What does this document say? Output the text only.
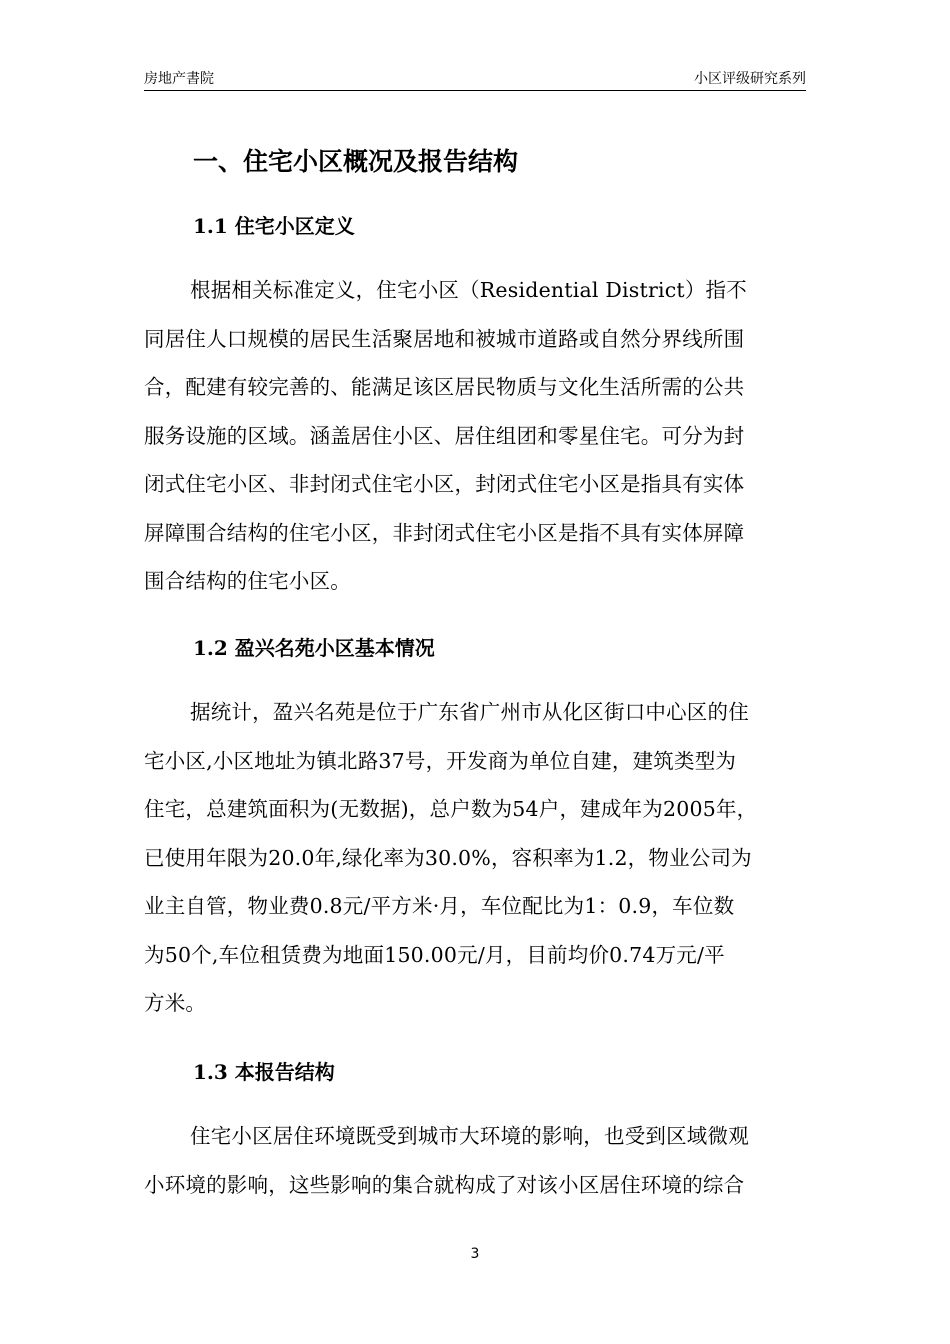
房地产書院	小区评级研究系列
一、住宅小区概况及报告结构
1.1 住宅小区定义
根据相关标准定义，住宅小区（Residential District）指不
同居住人口规模的居民生活聚居地和被城市道路或自然分界线所围
合，配建有较完善的、能满足该区居民物质与文化生活所需的公共
服务设施的区域。涵盖居住小区、居住组团和零星住宅。可分为封
闭式住宅小区、非封闭式住宅小区，封闭式住宅小区是指具有实体
屏障围合结构的住宅小区，非封闭式住宅小区是指不具有实体屏障
围合结构的住宅小区。
1.2 盈兴名苑小区基本情况
据统计，盈兴名苑是位于广东省广州市从化区街口中心区的住
宅小区,小区地址为镇北路37号，开发商为单位自建，建筑类型为
住宅，总建筑面积为(无数据)，总户数为54户，建成年为2005年，
已使用年限为20.0年,绿化率为30.0%，容积率为1.2，物业公司为
业主自管，物业费0.8元/平方米·月，车位配比为1：0.9，车位数
为50个,车位租赁费为地面150.00元/月，目前均价0.74万元/平
方米。
1.3 本报告结构
住宅小区居住环境既受到城市大环境的影响，也受到区域微观
小环境的影响，这些影响的集合就构成了对该小区居住环境的综合
3
